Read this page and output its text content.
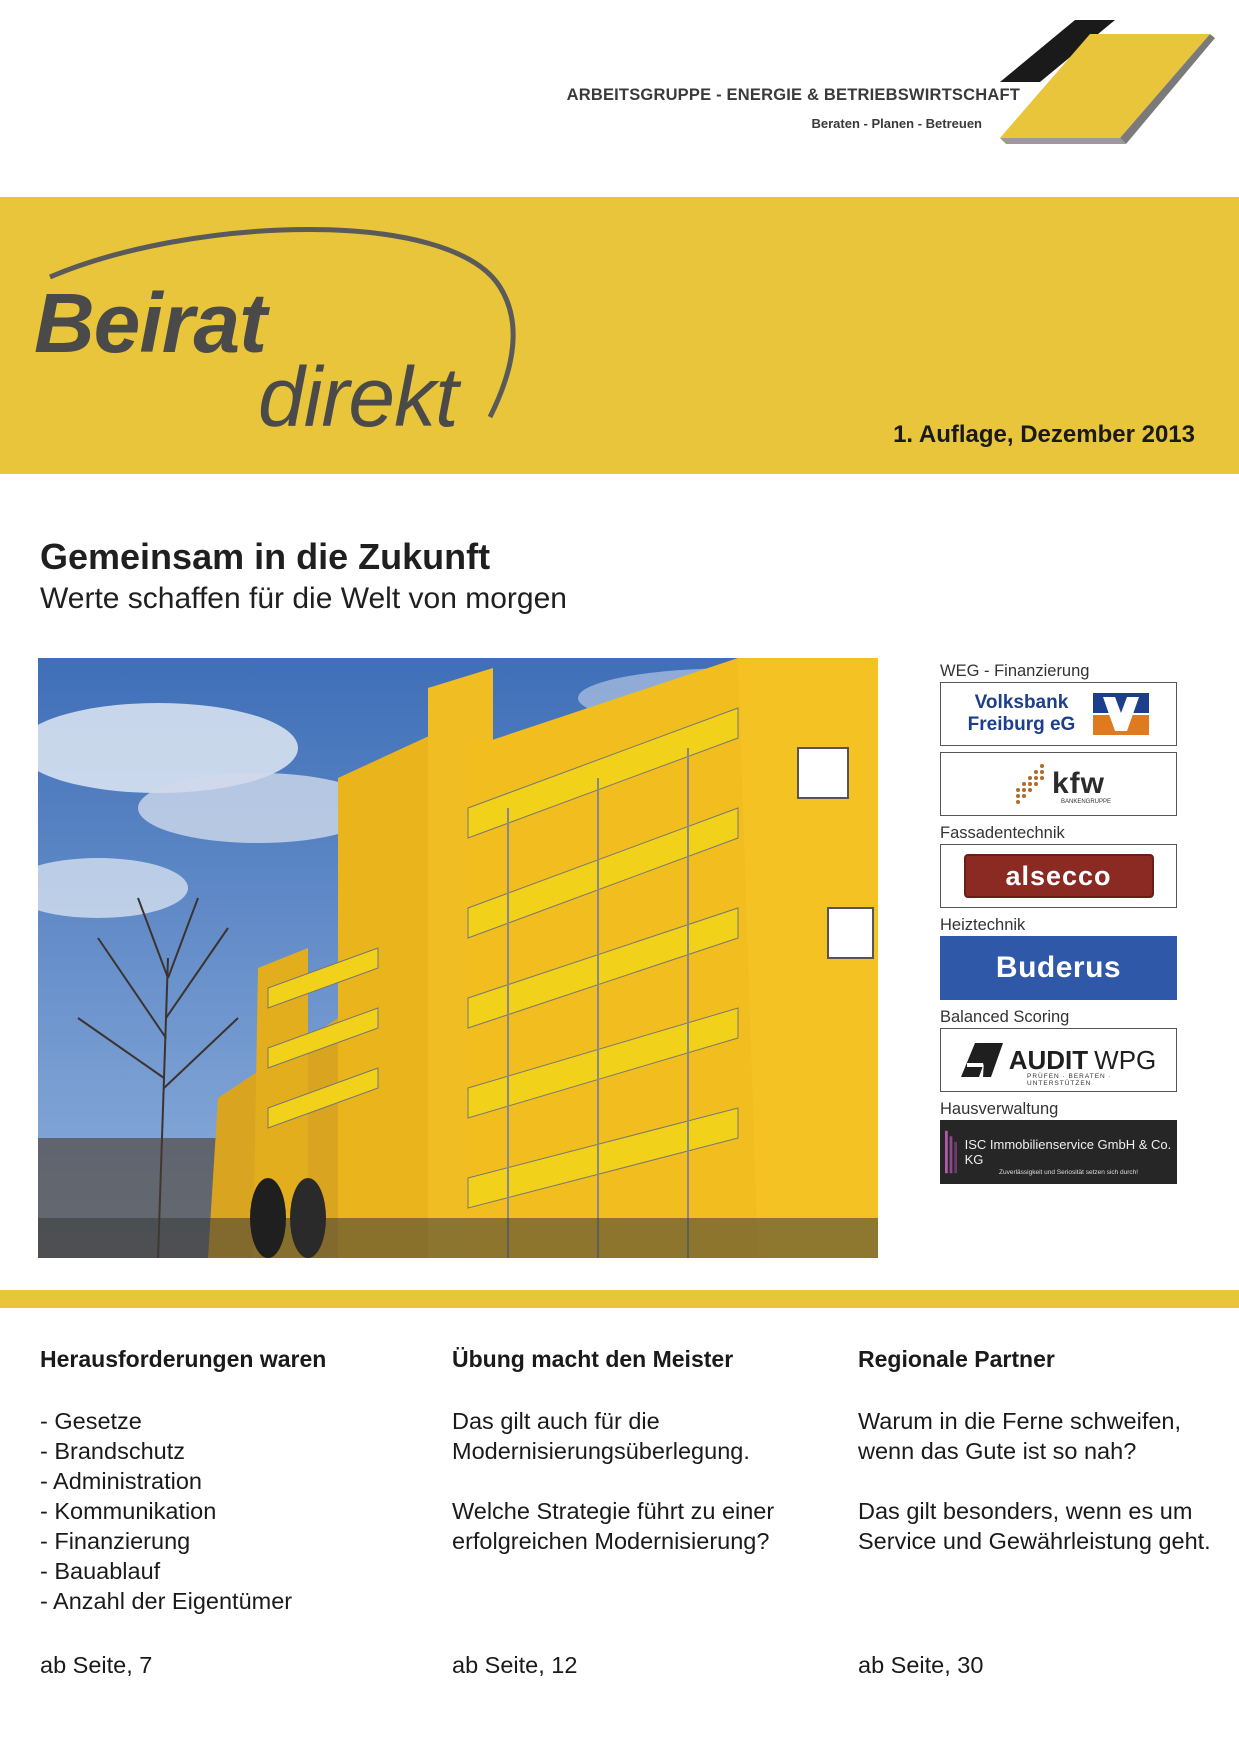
ARBEITSGRUPPE - ENERGIE & BETRIEBSWIRTSCHAFT
Beraten - Planen - Betreuen
Beirat
direkt	1. Auflage, Dezember 2013
Gemeinsam in die Zukunft
Werte schaffen für die Welt von morgen
WEG - Finanzierung
Volksbank
Freiburg eG
kfw
BANKENGRUPPE
Fassadentechnik
alsecco
Heiztechnik
Buderus
Balanced Scoring
AUDIT WPG
PRÜFEN · BERATEN · UNTERSTÜTZEN
Hausverwaltung
ISC Immobilienservice GmbH & Co. KG
Zuverlässigkeit und Seriosität setzen sich durch!
Herausforderungen waren
- Gesetze
- Brandschutz
- Administration
- Kommunikation
- Finanzierung
- Bauablauf
- Anzahl der Eigentümer
Übung macht den Meister
Das gilt auch für die Modernisierungsüberlegung.
Welche Strategie führt zu einer erfolgreichen Modernisierung?
Regionale Partner
Warum in die Ferne schweifen, wenn das Gute ist so nah?
Das gilt besonders, wenn es um Service und Gewährleistung geht.
ab Seite, 7	ab Seite, 12	ab Seite, 30
